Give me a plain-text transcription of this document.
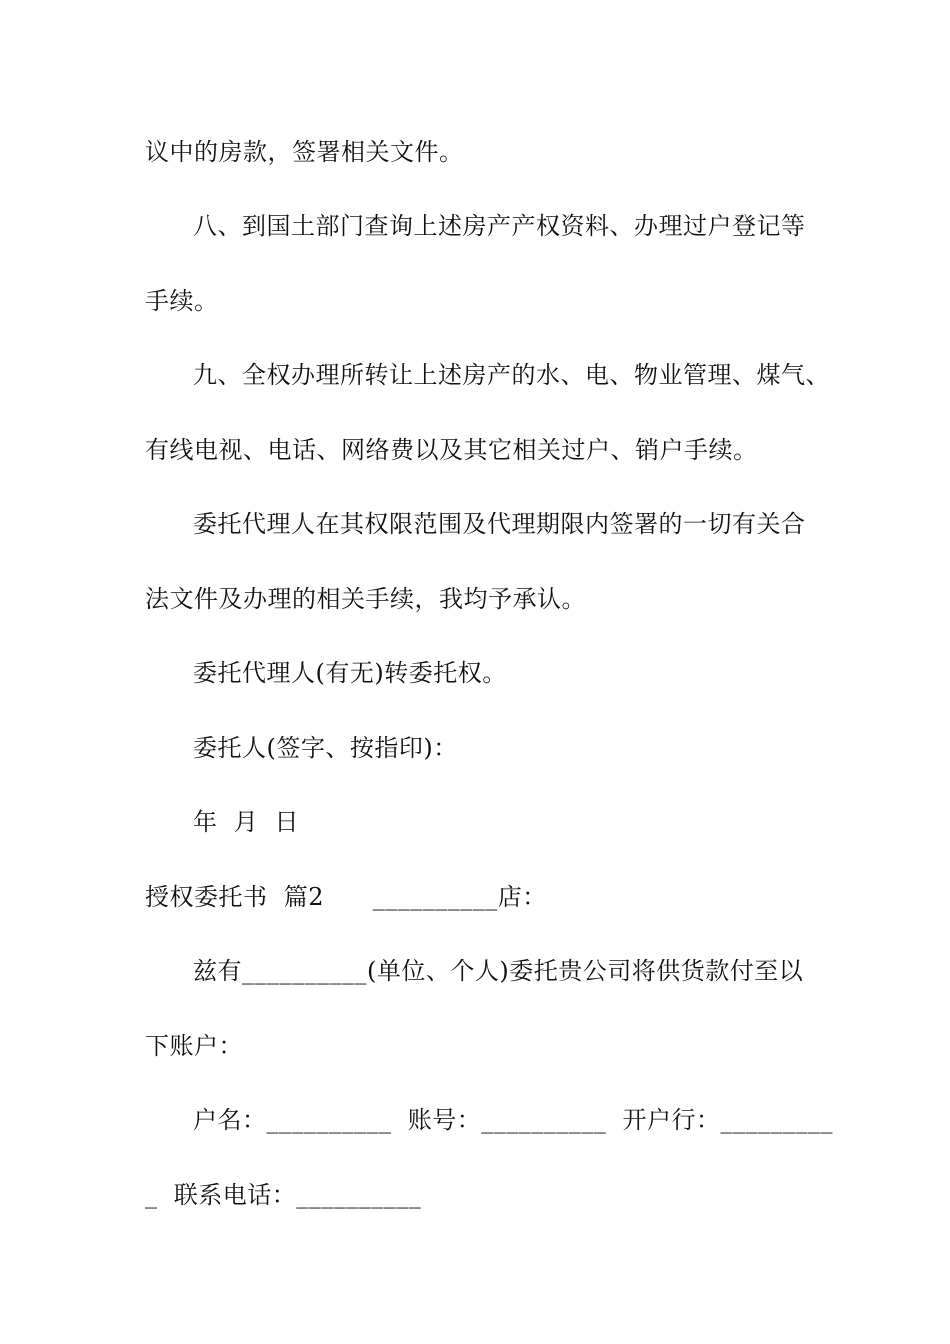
议中的房款，签署相关文件。
八、到国土部门查询上述房产产权资料、办理过户登记等
手续。
九、全权办理所转让上述房产的水、电、物业管理、煤气、
有线电视、电话、网络费以及其它相关过户、销户手续。
委托代理人在其权限范围及代理期限内签署的一切有关合
法文件及办理的相关手续，我均予承认。
委托代理人(有无)转委托权。
委托人(签字、按指印)：
年  月  日
授权委托书  篇2      __________店：
兹有__________(单位、个人)委托贵公司将供货款付至以
下账户：
户名：__________  账号：__________  开户行：_________
_  联系电话：__________
